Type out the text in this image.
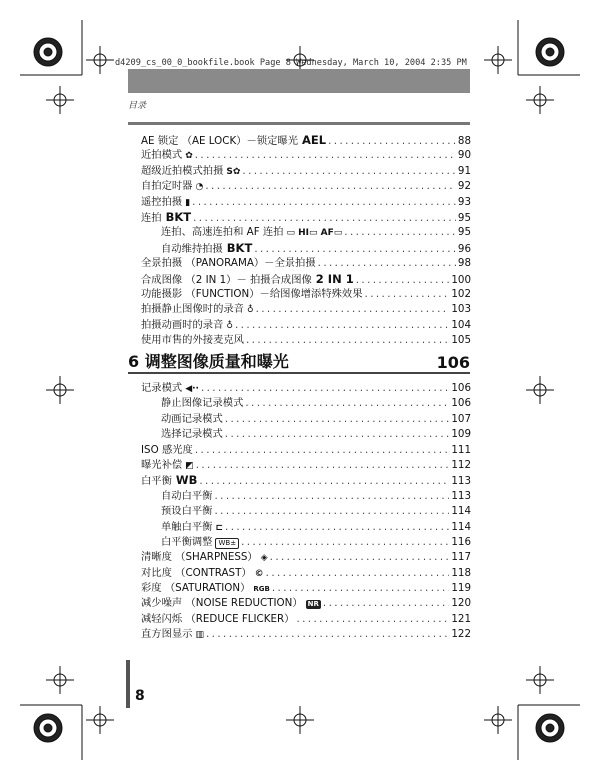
d4209_cs_00_0_bookfile.book Page 8 Wednesday, March 10, 2004 2:35 PM
目录
AE 锁定 （AE LOCK）－锁定曝光 AEL .....	88
近拍模式 ✿ .....	90
超级近拍模式拍摄 S✿ .....	91
自拍定时器 ◔ .....	92
遥控拍摄 ▮ .....	93
连拍 BKT .....	95
连拍、高速连拍和 AF 连拍 ▭ HI▭ AF▭ .....	95
自动维持拍摄 BKT .....	96
全景拍摄 （PANORAMA）－全景拍摄 .....	98
合成图像 （2 IN 1）－ 拍摄合成图像 2 IN 1 .....	100
功能摄影 （FUNCTION）－给图像增添特殊效果 .....	102
拍摄静止图像时的录音 ♁ .....	103
拍摄动画时的录音 ♁ .....	104
使用市售的外接麦克风 .....	105
6 调整图像质量和曝光	106
记录模式 ◀·· .....	106
静止图像记录模式 .....	106
动画记录模式 .....	107
选择记录模式 .....	109
ISO 感光度 .....	111
曝光补偿 ◩ .....	112
白平衡 WB .....	113
自动白平衡 .....	113
预设白平衡 .....	114
单触白平衡 ⊏ .....	114
白平衡调整 WB± .....	116
清晰度 （SHARPNESS） ◈ .....	117
对比度 （CONTRAST） © .....	118
彩度 （SATURATION） RGB .....	119
减少噪声 （NOISE REDUCTION） NR .....	120
减轻闪烁 （REDUCE FLICKER） .....	121
直方图显示 ▥ .....	122
8
